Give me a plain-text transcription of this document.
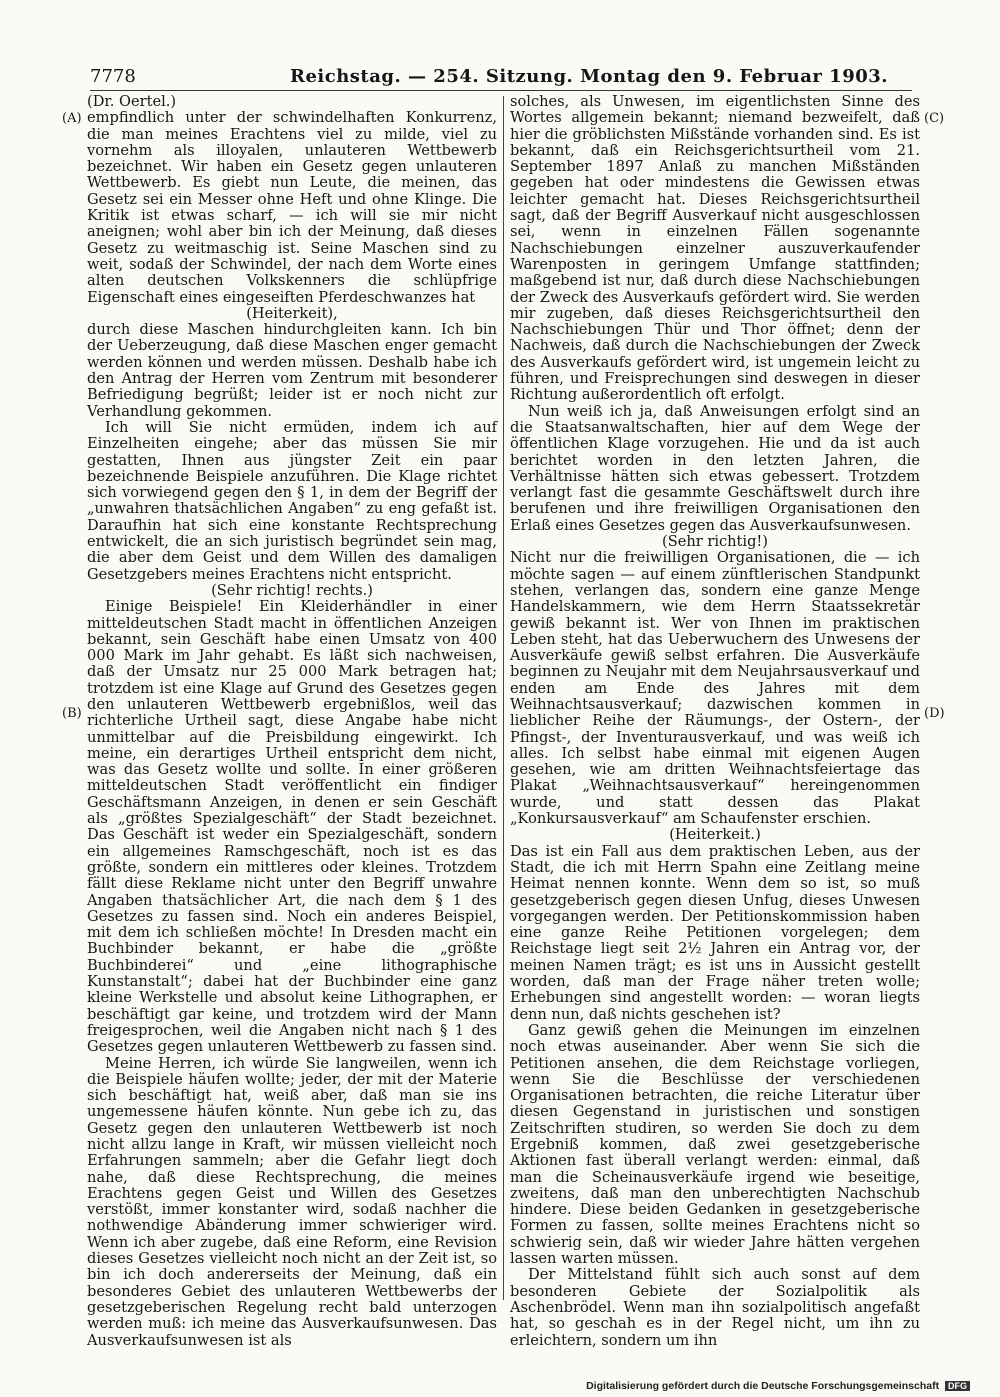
7778	Reichstag. — 254. Sitzung. Montag den 9. Februar 1903.
(A)
(B)
(C)
(D)

(Dr. Oertel.)

empfindlich unter der schwindelhaften Konkurrenz, die man meines Erachtens viel zu milde, viel zu vornehm als illoyalen, unlauteren Wettbewerb bezeichnet. Wir haben ein Gesetz gegen unlauteren Wettbewerb. Es giebt nun Leute, die meinen, das Gesetz sei ein Messer ohne Heft und ohne Klinge. Die Kritik ist etwas scharf, — ich will sie mir nicht aneignen; wohl aber bin ich der Meinung, daß dieses Gesetz zu weitmaschig ist. Seine Maschen sind zu weit, sodaß der Schwindel, der nach dem Worte eines alten deutschen Volkskenners die schlüpfrige Eigenschaft eines eingeseiften Pferdeschwanzes hat

(Heiterkeit),

durch diese Maschen hindurchgleiten kann. Ich bin der Ueberzeugung, daß diese Maschen enger gemacht werden können und werden müssen. Deshalb habe ich den Antrag der Herren vom Zentrum mit besonderer Befriedigung begrüßt; leider ist er noch nicht zur Verhandlung gekommen.

Ich will Sie nicht ermüden, indem ich auf Einzelheiten eingehe; aber das müssen Sie mir gestatten, Ihnen aus jüngster Zeit ein paar bezeichnende Beispiele anzuführen. Die Klage richtet sich vorwiegend gegen den § 1, in dem der Begriff der „unwahren thatsächlichen Angaben“ zu eng gefaßt ist. Daraufhin hat sich eine konstante Rechtsprechung entwickelt, die an sich juristisch begründet sein mag, die aber dem Geist und dem Willen des damaligen Gesetzgebers meines Erachtens nicht entspricht.

(Sehr richtig! rechts.)

Einige Beispiele! Ein Kleiderhändler in einer mitteldeutschen Stadt macht in öffentlichen Anzeigen bekannt, sein Geschäft habe einen Umsatz von 400 000 Mark im Jahr gehabt. Es läßt sich nachweisen, daß der Umsatz nur 25 000 Mark betragen hat; trotzdem ist eine Klage auf Grund des Gesetzes gegen den unlauteren Wettbewerb ergebnißlos, weil das richterliche Urtheil sagt, diese Angabe habe nicht unmittelbar auf die Preisbildung eingewirkt. Ich meine, ein derartiges Urtheil entspricht dem nicht, was das Gesetz wollte und sollte. In einer größeren mitteldeutschen Stadt veröffentlicht ein findiger Geschäftsmann Anzeigen, in denen er sein Geschäft als „größtes Spezialgeschäft“ der Stadt bezeichnet. Das Geschäft ist weder ein Spezialgeschäft, sondern ein allgemeines Ramschgeschäft, noch ist es das größte, sondern ein mittleres oder kleines. Trotzdem fällt diese Reklame nicht unter den Begriff unwahre Angaben thatsächlicher Art, die nach dem § 1 des Gesetzes zu fassen sind. Noch ein anderes Beispiel, mit dem ich schließen möchte! In Dresden macht ein Buchbinder bekannt, er habe die „größte Buchbinderei“ und „eine lithographische Kunstanstalt“; dabei hat der Buchbinder eine ganz kleine Werkstelle und absolut keine Lithographen, er beschäftigt gar keine, und trotzdem wird der Mann freigesprochen, weil die Angaben nicht nach § 1 des Gesetzes gegen unlauteren Wettbewerb zu fassen sind.

Meine Herren, ich würde Sie langweilen, wenn ich die Beispiele häufen wollte; jeder, der mit der Materie sich beschäftigt hat, weiß aber, daß man sie ins ungemessene häufen könnte. Nun gebe ich zu, das Gesetz gegen den unlauteren Wettbewerb ist noch nicht allzu lange in Kraft, wir müssen vielleicht noch Erfahrungen sammeln; aber die Gefahr liegt doch nahe, daß diese Rechtsprechung, die meines Erachtens gegen Geist und Willen des Gesetzes verstößt, immer konstanter wird, sodaß nachher die nothwendige Abänderung immer schwieriger wird. Wenn ich aber zugebe, daß eine Reform, eine Revision dieses Gesetzes vielleicht noch nicht an der Zeit ist, so bin ich doch andererseits der Meinung, daß ein besonderes Gebiet des unlauteren Wettbewerbs der gesetzgeberischen Regelung recht bald unterzogen werden muß: ich meine das Ausverkaufsunwesen. Das Ausverkaufsunwesen ist als

solches, als Unwesen, im eigentlichsten Sinne des Wortes allgemein bekannt; niemand bezweifelt, daß hier die gröblichsten Mißstände vorhanden sind. Es ist bekannt, daß ein Reichsgerichtsurtheil vom 21. September 1897 Anlaß zu manchen Mißständen gegeben hat oder mindestens die Gewissen etwas leichter gemacht hat. Dieses Reichsgerichtsurtheil sagt, daß der Begriff Ausverkauf nicht ausgeschlossen sei, wenn in einzelnen Fällen sogenannte Nachschiebungen einzelner auszuverkaufender Warenposten in geringem Umfange stattfinden; maßgebend ist nur, daß durch diese Nachschiebungen der Zweck des Ausverkaufs gefördert wird. Sie werden mir zugeben, daß dieses Reichsgerichtsurtheil den Nachschiebungen Thür und Thor öffnet; denn der Nachweis, daß durch die Nachschiebungen der Zweck des Ausverkaufs gefördert wird, ist ungemein leicht zu führen, und Freisprechungen sind deswegen in dieser Richtung außerordentlich oft erfolgt.

Nun weiß ich ja, daß Anweisungen erfolgt sind an die Staatsanwaltschaften, hier auf dem Wege der öffentlichen Klage vorzugehen. Hie und da ist auch berichtet worden in den letzten Jahren, die Verhältnisse hätten sich etwas gebessert. Trotzdem verlangt fast die gesammte Geschäftswelt durch ihre berufenen und ihre freiwilligen Organisationen den Erlaß eines Gesetzes gegen das Ausverkaufsunwesen.

(Sehr richtig!)

Nicht nur die freiwilligen Organisationen, die — ich möchte sagen — auf einem zünftlerischen Standpunkt stehen, verlangen das, sondern eine ganze Menge Handelskammern, wie dem Herrn Staatssekretär gewiß bekannt ist. Wer von Ihnen im praktischen Leben steht, hat das Ueberwuchern des Unwesens der Ausverkäufe gewiß selbst erfahren. Die Ausverkäufe beginnen zu Neujahr mit dem Neujahrsausverkauf und enden am Ende des Jahres mit dem Weihnachtsausverkauf; dazwischen kommen in lieblicher Reihe der Räumungs-, der Ostern-, der Pfingst-, der Inventurausverkauf, und was weiß ich alles. Ich selbst habe einmal mit eigenen Augen gesehen, wie am dritten Weihnachtsfeiertage das Plakat „Weihnachtsausverkauf“ hereingenommen wurde, und statt dessen das Plakat „Konkursausverkauf“ am Schaufenster erschien.

(Heiterkeit.)

Das ist ein Fall aus dem praktischen Leben, aus der Stadt, die ich mit Herrn Spahn eine Zeitlang meine Heimat nennen konnte. Wenn dem so ist, so muß gesetzgeberisch gegen diesen Unfug, dieses Unwesen vorgegangen werden. Der Petitionskommission haben eine ganze Reihe Petitionen vorgelegen; dem Reichstage liegt seit 2½ Jahren ein Antrag vor, der meinen Namen trägt; es ist uns in Aussicht gestellt worden, daß man der Frage näher treten wolle; Erhebungen sind angestellt worden: — woran liegts denn nun, daß nichts geschehen ist?

Ganz gewiß gehen die Meinungen im einzelnen noch etwas auseinander. Aber wenn Sie sich die Petitionen ansehen, die dem Reichstage vorliegen, wenn Sie die Beschlüsse der verschiedenen Organisationen betrachten, die reiche Literatur über diesen Gegenstand in juristischen und sonstigen Zeitschriften studiren, so werden Sie doch zu dem Ergebniß kommen, daß zwei gesetzgeberische Aktionen fast überall verlangt werden: einmal, daß man die Scheinausverkäufe irgend wie beseitige, zweitens, daß man den unberechtigten Nachschub hindere. Diese beiden Gedanken in gesetzgeberische Formen zu fassen, sollte meines Erachtens nicht so schwierig sein, daß wir wieder Jahre hätten vergehen lassen warten müssen.

Der Mittelstand fühlt sich auch sonst auf dem besonderen Gebiete der Sozialpolitik als Aschenbrödel. Wenn man ihn sozialpolitisch angefaßt hat, so geschah es in der Regel nicht, um ihn zu erleichtern, sondern um ihn

Digitalisierung gefördert durch die Deutsche Forschungsgemeinschaft DFG
